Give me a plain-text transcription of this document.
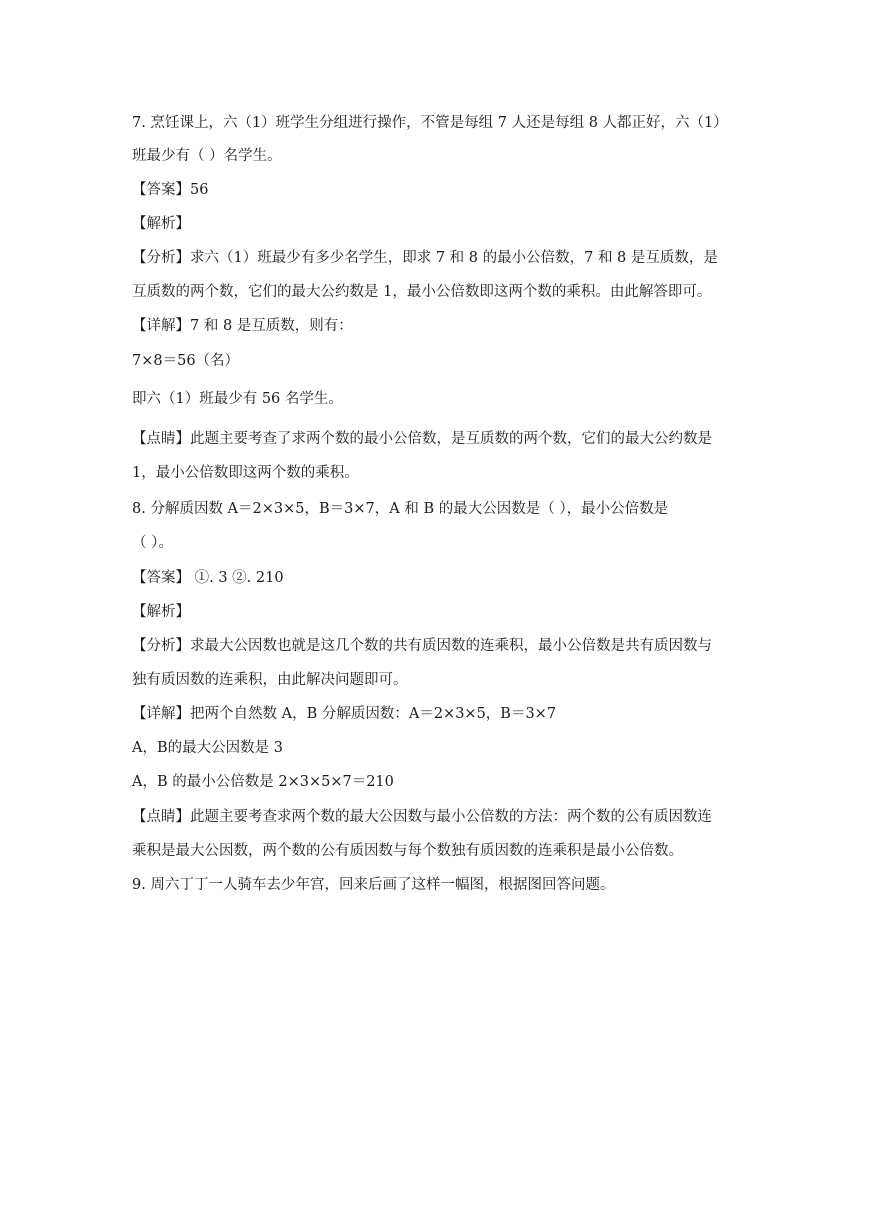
7. 烹饪课上，六（1）班学生分组进行操作，不管是每组 7 人还是每组 8 人都正好，六（1）
班最少有（ ）名学生。
【答案】56
【解析】
【分析】求六（1）班最少有多少名学生，即求 7 和 8 的最小公倍数，7 和 8 是互质数，是
互质数的两个数，它们的最大公约数是 1，最小公倍数即这两个数的乘积。由此解答即可。
【详解】7 和 8 是互质数，则有：
7×8＝56（名）
即六（1）班最少有 56 名学生。
【点睛】此题主要考查了求两个数的最小公倍数，是互质数的两个数，它们的最大公约数是
1，最小公倍数即这两个数的乘积。
8. 分解质因数 A＝2×3×5，B＝3×7，A 和 B 的最大公因数是（ ），最小公倍数是
（ ）。
【答案】 ①. 3 ②. 210
【解析】
【分析】求最大公因数也就是这几个数的共有质因数的连乘积，最小公倍数是共有质因数与
独有质因数的连乘积，由此解决问题即可。
【详解】把两个自然数 A，B 分解质因数：A＝2×3×5，B＝3×7
A，B的最大公因数是 3
A，B 的最小公倍数是 2×3×5×7＝210
【点睛】此题主要考查求两个数的最大公因数与最小公倍数的方法：两个数的公有质因数连
乘积是最大公因数，两个数的公有质因数与每个数独有质因数的连乘积是最小公倍数。
9. 周六丁丁一人骑车去少年宫，回来后画了这样一幅图，根据图回答问题。
